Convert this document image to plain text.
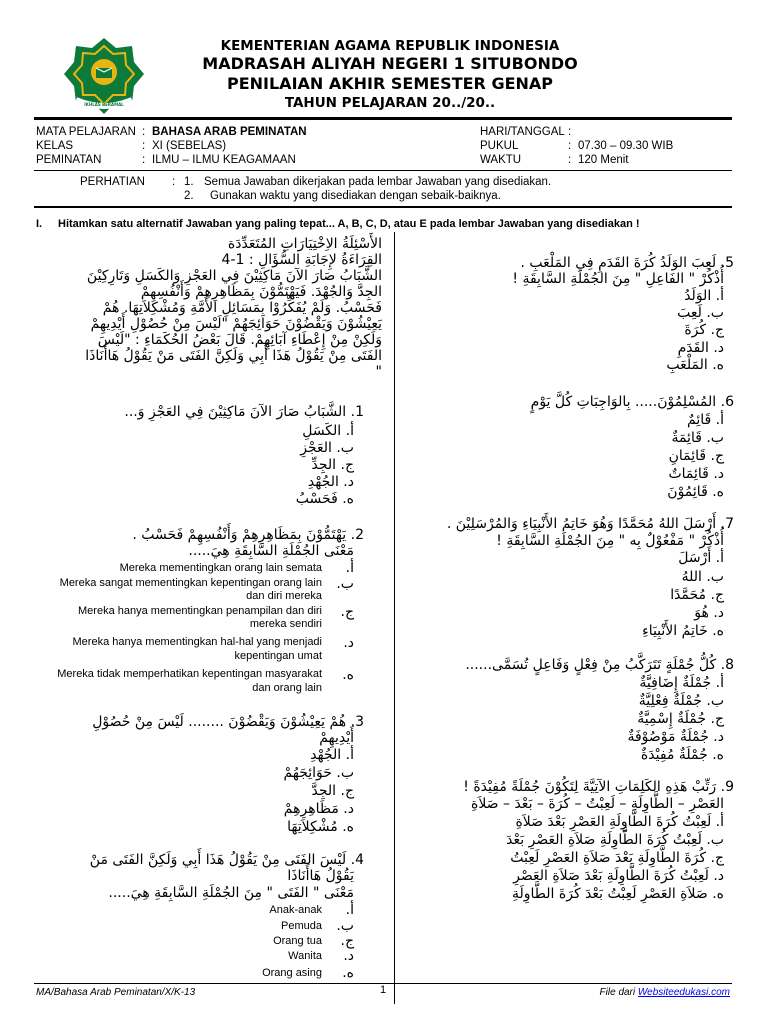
IKHLAS BERAMAL
KEMENTERIAN AGAMA REPUBLIK INDONESIA
MADRASAH ALIYAH NEGERI 1 SITUBONDO
PENILAIAN AKHIR SEMESTER GENAP
TAHUN PELAJARAN 20../20..
MATA PELAJARAN : BAHASA ARAB PEMINATAN
KELAS	: XI (SEBELAS)
PEMINATAN	: ILMU – ILMU KEAGAMAAN
HARI/TANGGAL :
PUKUL	: 07.30 – 09.30 WIB
WAKTU	: 120 Menit
PERHATIAN : 1. Semua Jawaban dikerjakan pada lembar Jawaban yang disediakan.
2. Gunakan waktu yang disediakan dengan sebaik-baiknya.
I. Hitamkan satu alternatif Jawaban yang paling tepat... A, B, C, D, atau E pada lembar Jawaban yang disediakan !
الأَسْئِلَةُ الاِخْتِيَارَاتِ المُتَعَدِّدَة
القِرَاءَةُ لإِجَابَةِ السُّؤَالِ : 1-4
الشَّبَابُ صَارَ الآنَ مَاكِثِيْنَ فِي العَجْزِ وَالكَسَلِ وَتَارِكِيْنَ
الجِدَّ وَالجُهْدَ. فَيَهْتَمُّوْنَ بِمَظَاهِرِهِمْ وَأَنْفُسِهِمْ
فَحَسْبُ. وَلَمْ يُفَكِّرُوْا بِمَسَائِلِ الأُمَّةِ وَمُشْكِلاَتِهَا. هُمْ
يَعِيْشُوْنَ وَيَقْضُوْنَ حَوَائِجَهُمْ "لَيْسَ مِنْ حُصُوْلِ أَيْدِيهِمْ
وَلَكِنْ مِنْ إِعْطَاءِ آبَائِهِمْ. قَالَ بَعْضُ الحُكَمَاءِ : "لَيْسَ
الفَتَى مِنْ يَقُوْلُ هَذَا أَبِي وَلَكِنَّ الفَتَى مَنْ يَقُوْلُ هَاأَنَاذَا
"
1. الشَّبَابُ صَارَ الآنَ مَاكِثِيْنَ فِي العَجْزِ وَ...
أ. الكَسَلِ
ب. العَجْزِ
ج. الجِدِّ
د. الجُهْدِ
ه. فَحَسْبُ
2. يَهْتَمُّوْنَ بِمَظَاهِرِهِمْ وَأَنْفُسِهِمْ فَحَسْبُ .
مَعْنَى الجُمْلَةِ السَّابِقَةِ هِيَ.....
Mereka mementingkan orang lain semata أ.
Mereka sangat mementingkan kepentingan orang lain
dan diri mereka
ب.
Mereka hanya mementingkan penampilan dan diri
mereka sendiri
ج.
Mereka hanya mementingkan hal-hal yang menjadi
kepentingan umat
د.
Mereka tidak memperhatikan kepentingan masyarakat
dan orang lain
ه.
3. هُمْ يَعِيْشُوْنَ وَيَقْضُوْنَ ........ لَيْسَ مِنْ حُصُوْلِ
أَيْدِيهِمْ
أ. الجُهْدِ
ب. حَوَائِجَهُمْ
ج. الجِدَّ
د. مَظَاهِرِهِمْ
ه. مُشْكِلاَتِهَا
4. لَيْسَ الفَتَى مِنْ يَقُوْلُ هَذَا أَبِي وَلَكِنَّ الفَتَى مَنْ
يَقُوْلُ هَاأَنَاذَا
مَعْنَى " الفَتَى " مِنَ الجُمْلَةِ السَّابِقَةِ هِيَ.....
Anak-anak أ.
Pemuda ب.
Orang tua ج.
Wanita د.
Orang asing ه.
5. لَعِبَ الوَلَدُ كُرَةَ القَدَمِ فِي المَلْعَبِ .
أُذْكُرْ " الفَاعِلِ " مِنَ الجُمْلَةِ السَّابِقَةِ !
أ. الوَلَدُ
ب. لَعِبَ
ج. كُرَةَ
د. القَدَمِ
ه. المَلْعَبِ
6. المُسْلِمُوْنَ..... بِالوَاجِبَاتِ كُلَّ يَوْمٍ
أ. قَائِمٌ
ب. قَائِمَةٌ
ج. قَائِمَانِ
د. قَائِمَاتٌ
ه. قَائِمُوْنَ
7. أَرْسَلَ اللهُ مُحَمَّدًا وَهُوَ خَاتِمُ الأَنْبِيَاءِ وَالمُرْسَلِيْنَ .
أُذْكُرْ " مَفْعُوْلٌ بِه " مِنَ الجُمْلَةِ السَّابِقَةِ !
أ. أَرْسَلَ
ب. اللهُ
ج. مُحَمَّدًا
د. هُوَ
ه. خَاتِمُ الأَنْبِيَاءِ
8. كُلُّ جُمْلَةٍ تَتَرَكَّبُ مِنْ فِعْلٍ وَفَاعِلٍ تُسَمَّى......
أ. جُمْلَةٌ إِضَافِيَّةٌ
ب. جُمْلَةٌ فِعْلِيَّةٌ
ج. جُمْلَةٌ إِسْمِيَّةٌ
د. جُمْلَةٌ مَوْصُوْفَةٌ
ه. جُمْلَةٌ مُفِيْدَةٌ
9. رَتِّبْ هَذِهِ الكَلِمَاتِ الآتِيَّةَ لِتَكُوْنَ جُمْلَةً مُفِيْدَةً !
العَصْرِ – الطَّاوِلَةِ – لَعِبْتُ – كُرَةَ – بَعْدَ – صَلاَةِ
أ. لَعِبْتُ كُرَةَ الطَّاوِلَةِ العَصْرِ بَعْدَ صَلاَةِ
ب. لَعِبْتُ كُرَةَ الطَّاوِلَةِ صَلاَةِ العَصْرِ بَعْدَ
ج. كُرَةَ الطَّاوِلَةِ بَعْدَ صَلاَةِ العَصْرِ لَعِبْتُ
د. لَعِبْتُ كُرَةَ الطَّاوِلَةِ بَعْدَ صَلاَةِ العَصْرِ
ه. صَلاَةِ العَصْرِ لَعِبْتُ بَعْدَ كُرَةَ الطَّاوِلَةِ
MA/Bahasa Arab Peminatan/X/K-13	1	File dari Websiteedukasi.com
